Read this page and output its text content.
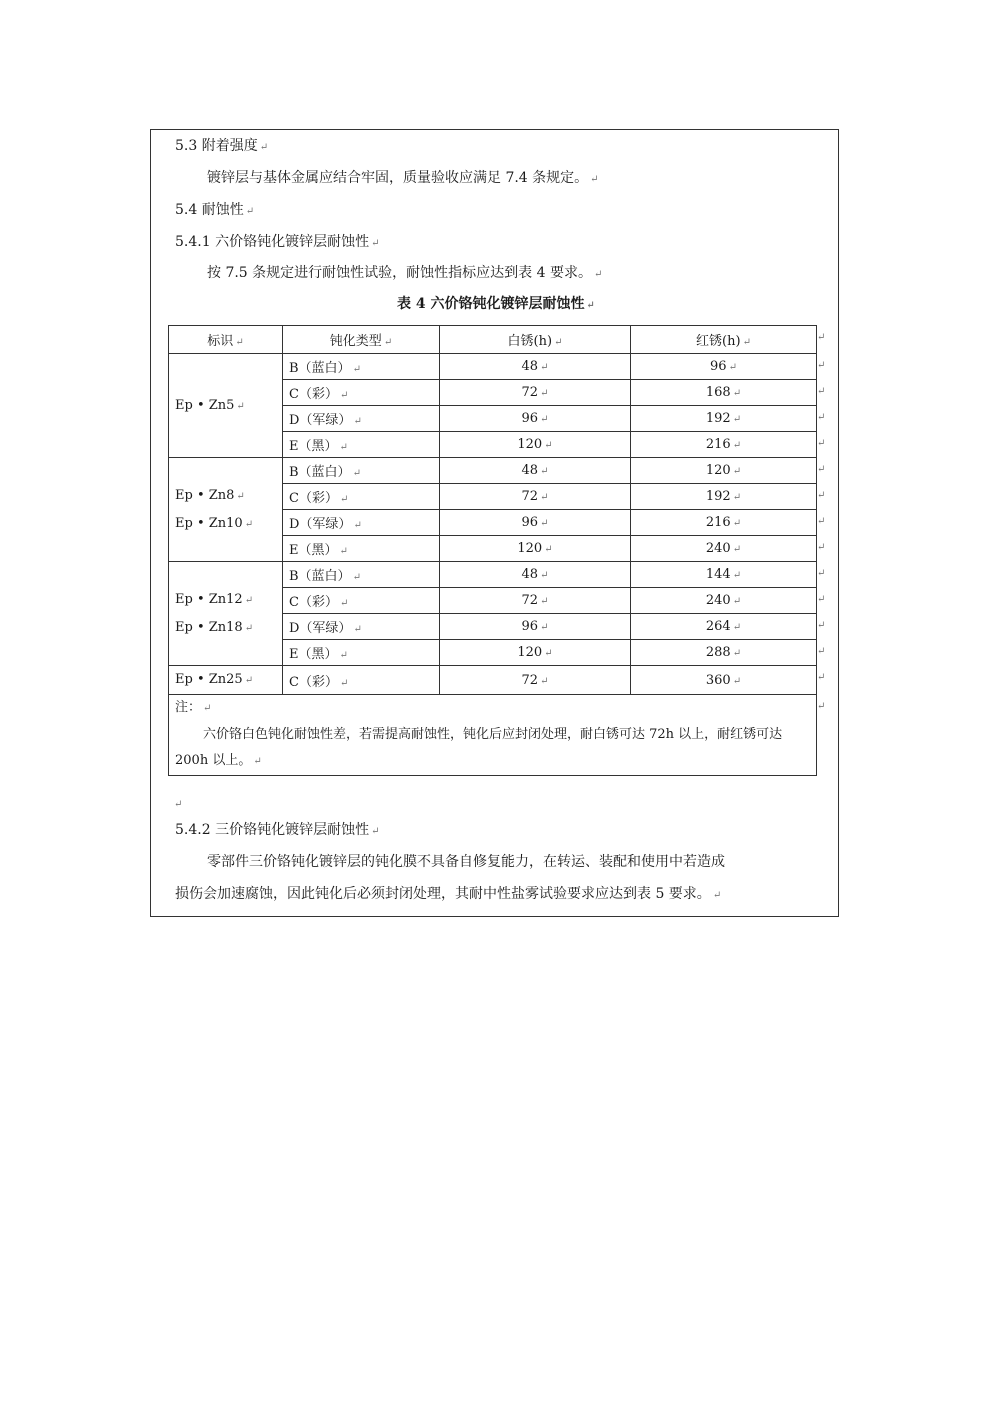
5.3 附着强度 ↵
镀锌层与基体金属应结合牢固，质量验收应满足 7.4 条规定。 ↵
5.4 耐蚀性 ↵
5.4.1 六价铬钝化镀锌层耐蚀性 ↵
按 7.5 条规定进行耐蚀性试验，耐蚀性指标应达到表 4 要求。 ↵
表 4 六价铬钝化镀锌层耐蚀性 ↵
标识 ↵	钝化类型 ↵	白锈(h) ↵	红锈(h) ↵

Ep • Zn5 ↵	B（蓝白） ↵	48 ↵	96 ↵
	C（彩） ↵	72 ↵	168 ↵
	D（军绿） ↵	96 ↵	192 ↵
	E（黑） ↵	120 ↵	216 ↵

Ep • Zn8 ↵
Ep • Zn10 ↵	B（蓝白） ↵	48 ↵	120 ↵
	C（彩） ↵	72 ↵	192 ↵
	D（军绿） ↵	96 ↵	216 ↵
	E（黑） ↵	120 ↵	240 ↵

Ep • Zn12 ↵
Ep • Zn18 ↵	B（蓝白） ↵	48 ↵	144 ↵
	C（彩） ↵	72 ↵	240 ↵
	D（军绿） ↵	96 ↵	264 ↵
	E（黑） ↵	120 ↵	288 ↵

Ep • Zn25 ↵	C（彩） ↵	72 ↵	360 ↵

注： ↵
六价铬白色钝化耐蚀性差，若需提高耐蚀性，钝化后应封闭处理，耐白锈可达 72h 以上，耐红锈可达 200h 以上。 ↵			
↵
5.4.2 三价铬钝化镀锌层耐蚀性 ↵
零部件三价铬钝化镀锌层的钝化膜不具备自修复能力，在转运、装配和使用中若造成
损伤会加速腐蚀，因此钝化后必须封闭处理，其耐中性盐雾试验要求应达到表 5 要求。 ↵
↵
↵
↵
↵
↵
↵
↵
↵
↵
↵
↵
↵
↵
↵
↵
